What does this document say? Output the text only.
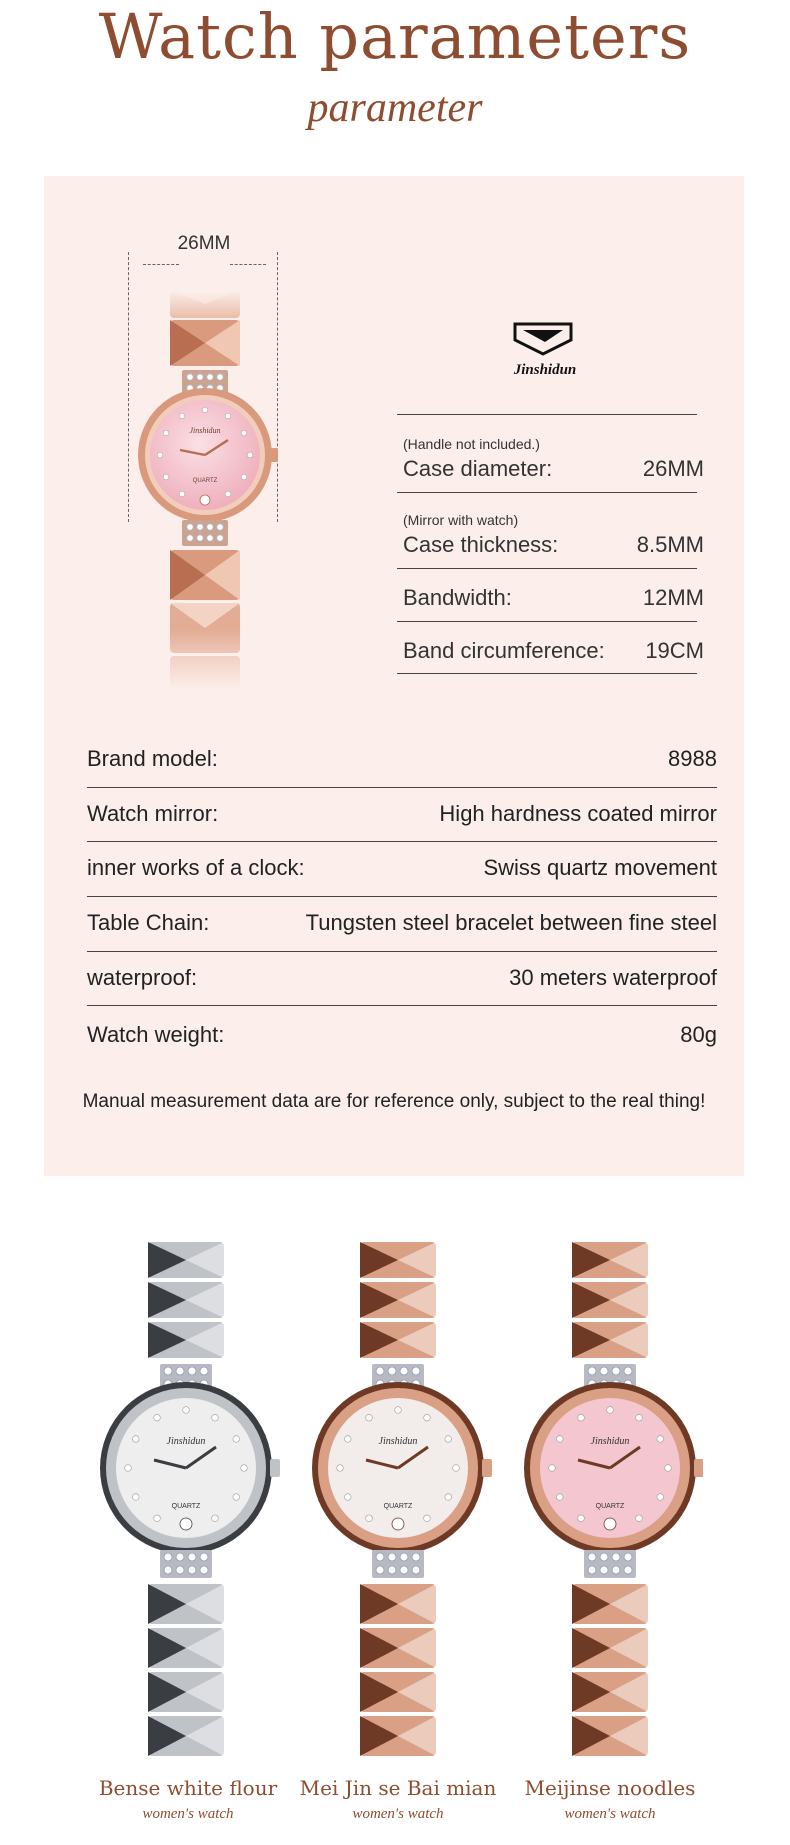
Watch parameters
parameter
26MM
Jinshidun
QUARTZ
Jinshidun
(Handle not included.)
Case diameter:	26MM
(Mirror with watch)
Case thickness:	8.5MM
Bandwidth:	12MM
Band circumference:	19CM
Brand model:	8988
Watch mirror:	High hardness coated mirror
inner works of a clock:	Swiss quartz movement
Table Chain:	Tungsten steel bracelet between fine steel
waterproof:	30 meters waterproof
Watch weight:	80g
Manual measurement data are for reference only, subject to the real thing!
Jinshidun
QUARTZ
Jinshidun
QUARTZ
Jinshidun
QUARTZ
Bense white flour
women's watch
Mei Jin se Bai mian
women's watch
Meijinse noodles
women's watch
